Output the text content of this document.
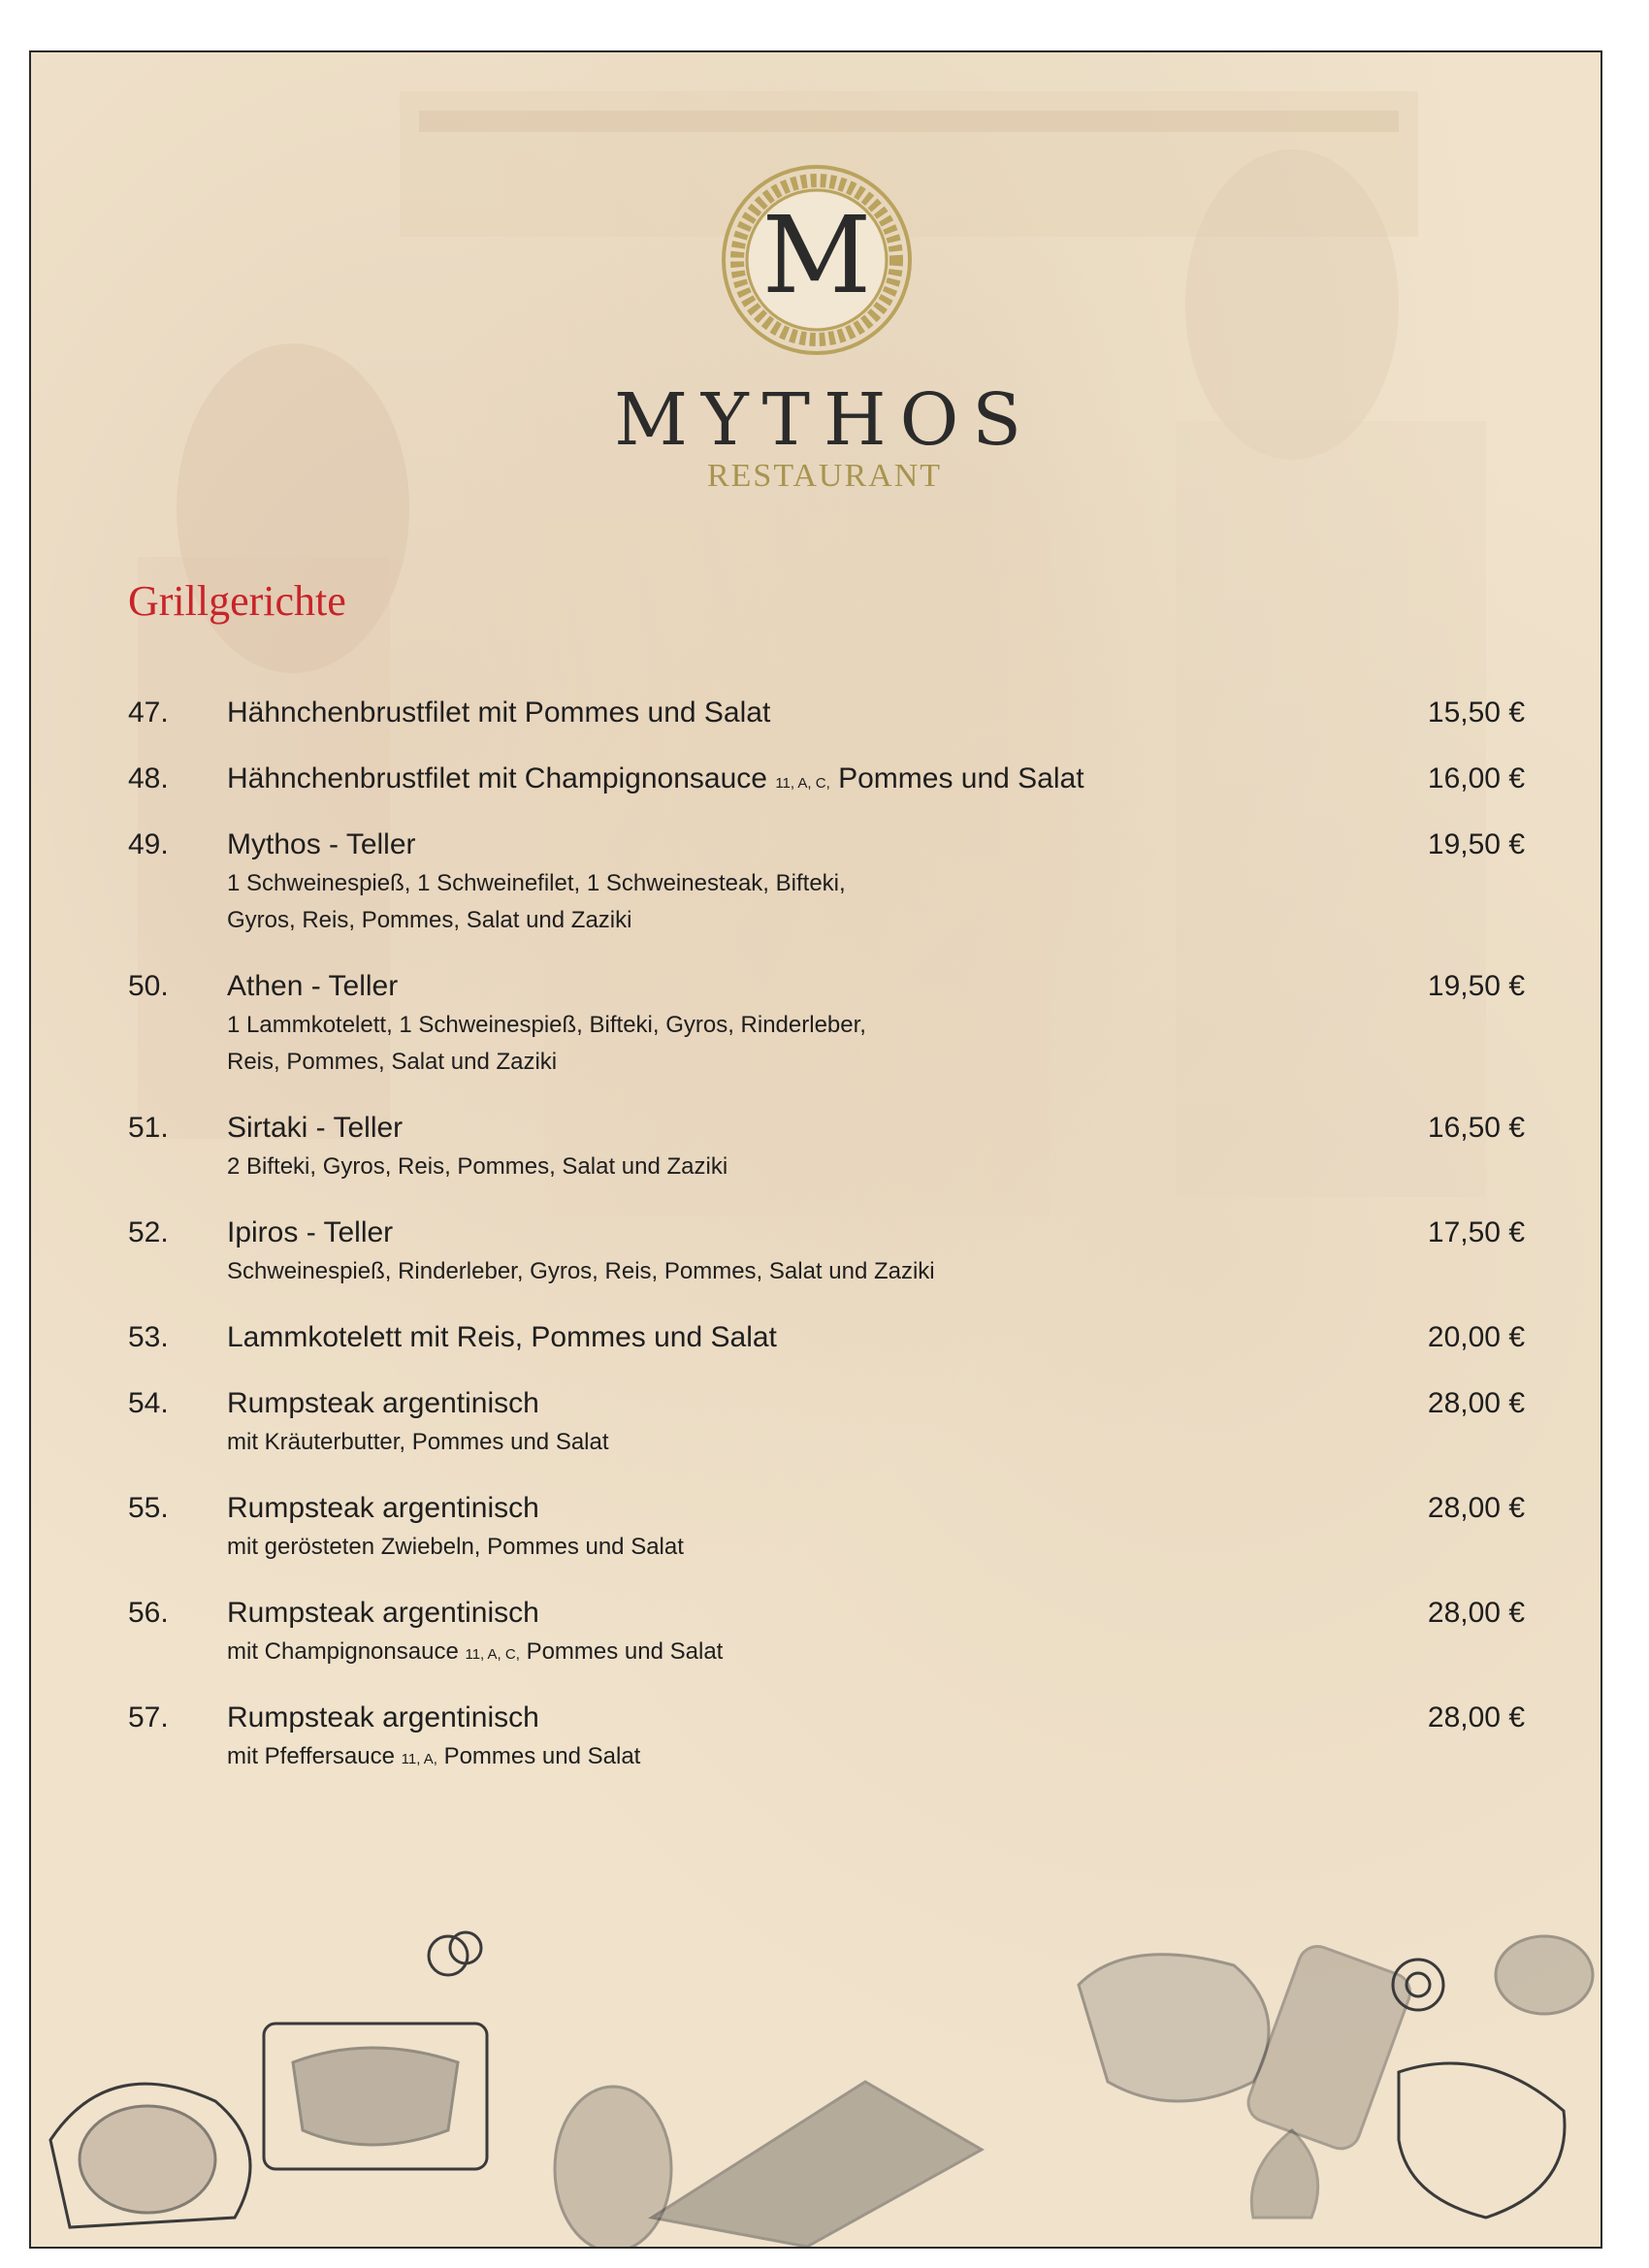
M
MYTHOS
RESTAURANT
Grillgerichte
47. Hähnchenbrustfilet mit Pommes und Salat	15,50 €
48. Hähnchenbrustfilet mit Champignonsauce 11, A, C, Pommes und Salat	16,00 €
49. Mythos - Teller	19,50 €
1 Schweinespieß, 1 Schweinefilet, 1 Schweinesteak, Bifteki,
Gyros, Reis, Pommes, Salat und Zaziki
50. Athen - Teller	19,50 €
1 Lammkotelett, 1 Schweinespieß, Bifteki, Gyros, Rinderleber,
Reis, Pommes, Salat und Zaziki
51. Sirtaki - Teller	16,50 €
2 Bifteki, Gyros, Reis, Pommes, Salat und Zaziki
52. Ipiros - Teller	17,50 €
Schweinespieß, Rinderleber, Gyros, Reis, Pommes, Salat und Zaziki
53. Lammkotelett mit Reis, Pommes und Salat	20,00 €
54. Rumpsteak argentinisch	28,00 €
mit Kräuterbutter, Pommes und Salat
55. Rumpsteak argentinisch	28,00 €
mit gerösteten Zwiebeln, Pommes und Salat
56. Rumpsteak argentinisch	28,00 €
mit Champignonsauce 11, A, C, Pommes und Salat
57. Rumpsteak argentinisch	28,00 €
mit Pfeffersauce 11, A, Pommes und Salat
